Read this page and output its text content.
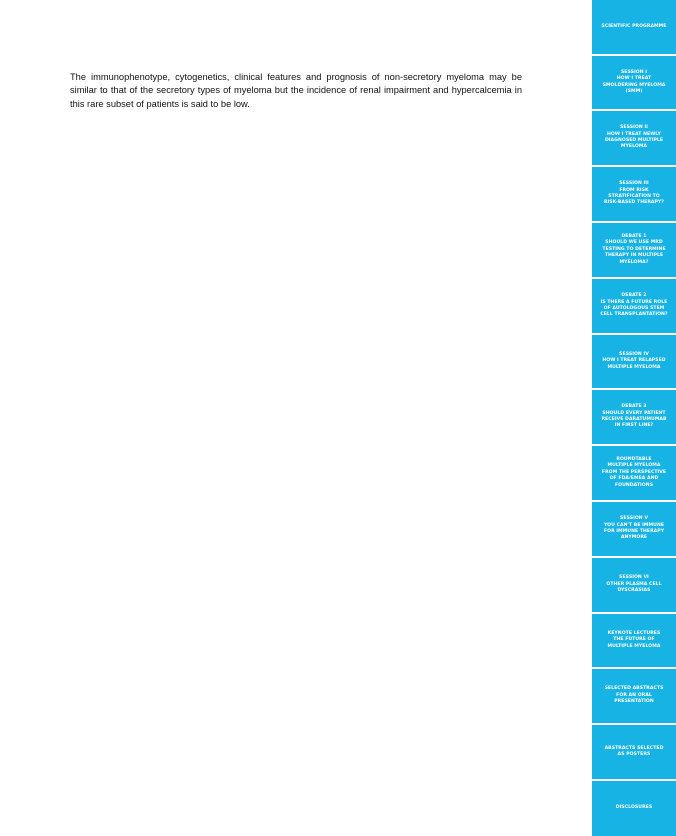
The immunophenotype, cytogenetics, clinical features and prognosis of non-secretory myeloma may be similar to that of the secretory types of myeloma but the incidence of renal impairment and hypercalcemia in this rare subset of patients is said to be low.

SCIENTIFIC PROGRAMME
SESSION I
HOW I TREAT
SMOLDERING MYELOMA
(SMM)
SESSION II
HOW I TREAT NEWLY
DIAGNOSED MULTIPLE
MYELOMA
SESSION III
FROM RISK
STRATIFICATION TO
RISK-BASED THERAPY?
DEBATE 1
SHOULD WE USE MRD
TESTING TO DETERMINE
THERAPY IN MULTIPLE
MYELOMA?
DEBATE 2
IS THERE A FUTURE ROLE
OF AUTOLOGOUS STEM
CELL TRANSPLANTATION?
SESSION IV
HOW I TREAT RELAPSED
MULTIPLE MYELOMA
DEBATE 3
SHOULD EVERY PATIENT
RECEIVE DARATUMUMAB
IN FIRST LINE?
ROUNDTABLE
MULTIPLE MYELOMA
FROM THE PERSPECTIVE
OF FDA/EMEA AND
FOUNDATIONS
SESSION V
YOU CAN'T BE IMMUNE
FOR IMMUNE THERAPY
ANYMORE
SESSION VI
OTHER PLASMA CELL
DYSCRASIAS
KEYNOTE LECTURES
THE FUTURE OF
MULTIPLE MYELOMA
SELECTED ABSTRACTS
FOR AN ORAL
PRESENTATION
ABSTRACTS SELECTED
AS POSTERS
DISCLOSURES
